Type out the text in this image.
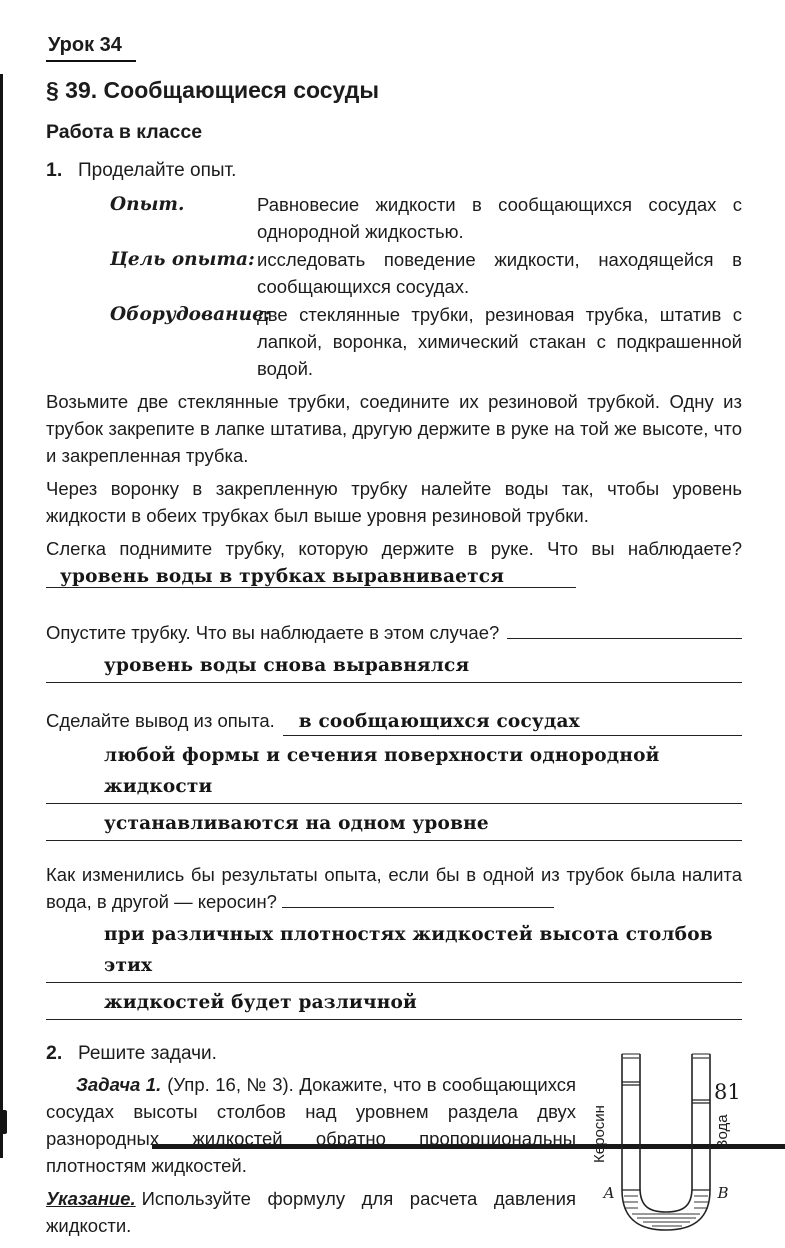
Урок 34
§ 39. Сообщающиеся сосуды
Работа в классе
1. Проделайте опыт.
Опыт.	Равновесие жидкости в сообщающихся сосудах с однородной жидкостью.
Цель опыта: исследовать поведение жидкости, находящейся в сообщающихся сосудах.
Оборудование:
две стеклянные трубки, резиновая трубка, штатив с лапкой, воронка, химический стакан с подкрашенной водой.

Возьмите две стеклянные трубки, соедините их резиновой трубкой. Одну из трубок закрепите в лапке штатива, другую держите в руке на той же высоте, что и закрепленная трубка.

Через воронку в закрепленную трубку налейте воды так, чтобы уровень жидкости в обеих трубках был выше уровня резиновой трубки.

Слегка поднимите трубку, которую держите в руке. Что вы наблюдаете? уровень воды в трубках выравнивается

Опустите трубку. Что вы наблюдаете в этом случае?
уровень воды снова выравнялся
Сделайте вывод из опыта.	в сообщающихся сосудах
любой формы и сечения поверхности однородной жидкости
устанавливаются на одном уровне

Как изменились бы результаты опыта, если бы в одной из трубок была налита вода, в другой — керосин?

при различных плотностях жидкостей высота столбов этих
жидкостей будет различной
Керосин	Вода
A	B
2. Решите задачи.

Задача 1. (Упр. 16, № 3). Докажите, что в сообщающихся сосудах высоты столбов над уровнем раздела двух разнородных жидкостей обратно пропорциональны плотностям жидкостей.

Указание. Используйте формулу для расчета давления жидкости.

81
